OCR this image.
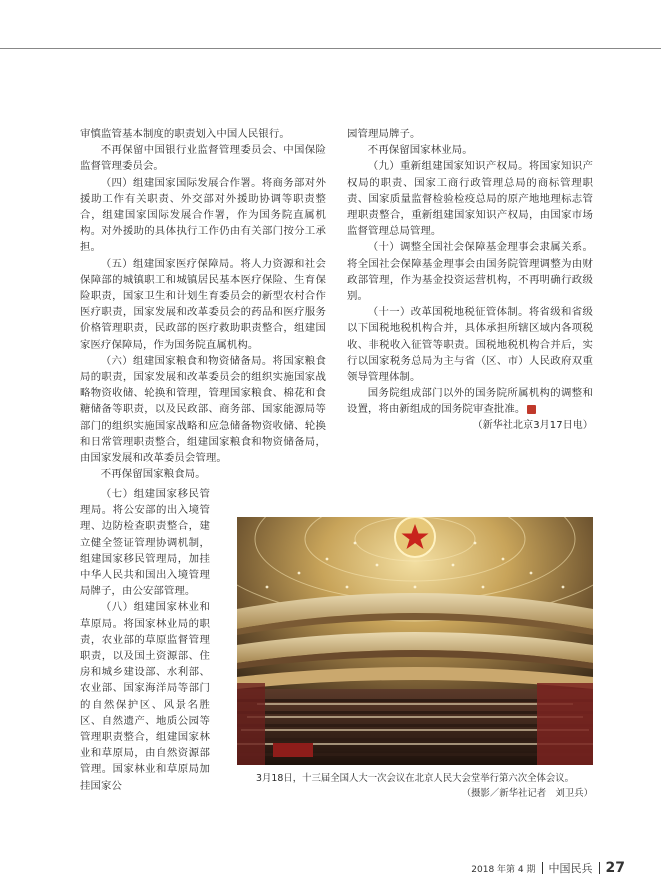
审慎监管基本制度的职责划入中国人民银行。

不再保留中国银行业监督管理委员会、中国保险监督管理委员会。

（四）组建国家国际发展合作署。将商务部对外援助工作有关职责、外交部对外援助协调等职责整合，组建国家国际发展合作署，作为国务院直属机构。对外援助的具体执行工作仍由有关部门按分工承担。

（五）组建国家医疗保障局。将人力资源和社会保障部的城镇职工和城镇居民基本医疗保险、生育保险职责，国家卫生和计划生育委员会的新型农村合作医疗职责，国家发展和改革委员会的药品和医疗服务价格管理职责，民政部的医疗救助职责整合，组建国家医疗保障局，作为国务院直属机构。

（六）组建国家粮食和物资储备局。将国家粮食局的职责，国家发展和改革委员会的组织实施国家战略物资收储、轮换和管理，管理国家粮食、棉花和食糖储备等职责，以及民政部、商务部、国家能源局等部门的组织实施国家战略和应急储备物资收储、轮换和日常管理职责整合，组建国家粮食和物资储备局，由国家发展和改革委员会管理。

不再保留国家粮食局。

（七）组建国家移民管理局。将公安部的出入境管理、边防检查职责整合，建立健全签证管理协调机制，组建国家移民管理局，加挂中华人民共和国出入境管理局牌子，由公安部管理。

（八）组建国家林业和草原局。将国家林业局的职责，农业部的草原监督管理职责，以及国土资源部、住房和城乡建设部、水利部、农业部、国家海洋局等部门的自然保护区、风景名胜区、自然遗产、地质公园等管理职责整合，组建国家林业和草原局，由自然资源部管理。国家林业和草原局加挂国家公

园管理局牌子。

不再保留国家林业局。

（九）重新组建国家知识产权局。将国家知识产权局的职责、国家工商行政管理总局的商标管理职责、国家质量监督检验检疫总局的原产地地理标志管理职责整合，重新组建国家知识产权局，由国家市场监督管理总局管理。

（十）调整全国社会保障基金理事会隶属关系。将全国社会保障基金理事会由国务院管理调整为由财政部管理，作为基金投资运营机构，不再明确行政级别。

（十一）改革国税地税征管体制。将省级和省级以下国税地税机构合并，具体承担所辖区域内各项税收、非税收入征管等职责。国税地税机构合并后，实行以国家税务总局为主与省（区、市）人民政府双重领导管理体制。

国务院组成部门以外的国务院所属机构的调整和设置，将由新组成的国务院审查批准。	■

（新华社北京3月17日电）

3月18日，十三届全国人大一次会议在北京人民大会堂举行第六次全体会议。
（摄影／新华社记者　刘卫兵）
2018 年第 4 期 中国民兵 27
